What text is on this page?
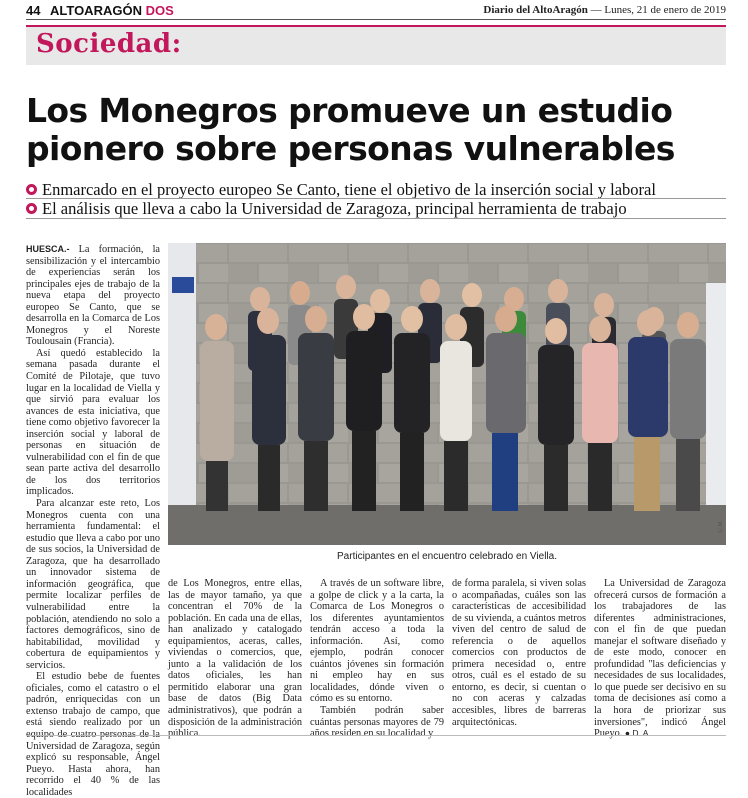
44 ALTOARAGÓN DOS	Diario del AltoAragón — Lunes, 21 de enero de 2019
Sociedad:
Los Monegros promueve un estudio
pionero sobre personas vulnerables
Enmarcado en el proyecto europeo Se Canto, tiene el objetivo de la inserción social y laboral
El análisis que lleva a cabo la Universidad de Zaragoza, principal herramienta de trabajo

HUESCA.- La formación, la sensibilización y el intercambio de experiencias serán los principales ejes de trabajo de la nueva etapa del proyecto europeo Se Canto, que se desarrolla en la Comarca de Los Monegros y el Noreste Toulousain (Francia).

Así quedó establecido la semana pasada durante el Comité de Pilotaje, que tuvo lugar en la localidad de Viella y que sirvió para evaluar los avances de esta iniciativa, que tiene como objetivo favorecer la inserción social y laboral de personas en situación de vulnerabilidad con el fin de que sean parte activa del desarrollo de los dos territorios implicados.

Para alcanzar este reto, Los Monegros cuenta con una herramienta fundamental: el estudio que lleva a cabo por uno de sus socios, la Universidad de Zaragoza, que ha desarrollado un innovador sistema de información geográfica, que permite localizar perfiles de vulnerabilidad entre la población, atendiendo no solo a factores demográficos, sino de habitabilidad, movilidad y cobertura de equipamientos y servicios.

El estudio bebe de fuentes oficiales, como el catastro o el padrón, enriquecidas con un extenso trabajo de campo, que está siendo realizado por un equipo de cuatro personas de la Universidad de Zaragoza, según explicó su responsable, Ángel Pueyo. Hasta ahora, han recorrido el 40 % de las localidades

Participantes en el encuentro celebrado en Viella.
C.M.

de Los Monegros, entre ellas, las de mayor tamaño, ya que concentran el 70% de la población. En cada una de ellas, han analizado y catalogado equipamientos, aceras, calles, viviendas o comercios, que, junto a la validación de los datos oficiales, les han permitido elaborar una gran base de datos (Big Data administrativos), que podrán a disposición de la administración pública.

A través de un software libre, a golpe de click y a la carta, la Comarca de Los Monegros o los diferentes ayuntamientos tendrán acceso a toda la información. Así, como ejemplo, podrán conocer cuántos jóvenes sin formación ni empleo hay en sus localidades, dónde viven o cómo es su entorno.

También podrán saber cuántas personas mayores de 79 años residen en su localidad y

de forma paralela, si viven solas o acompañadas, cuáles son las características de accesibilidad de su vivienda, a cuántos metros viven del centro de salud de referencia o de aquellos comercios con productos de primera necesidad o, entre otros, cuál es el estado de su entorno, es decir, si cuentan o no con aceras y calzadas accesibles, libres de barreras arquitectónicas.

La Universidad de Zaragoza ofrecerá cursos de formación a los trabajadores de las diferentes administraciones, con el fin de que puedan manejar el software diseñado y de este modo, conocer en profundidad "las deficiencias y necesidades de sus localidades, lo que puede ser decisivo en su toma de decisiones así como a la hora de priorizar sus inversiones", indicó Ángel Pueyo. ● D. A.
